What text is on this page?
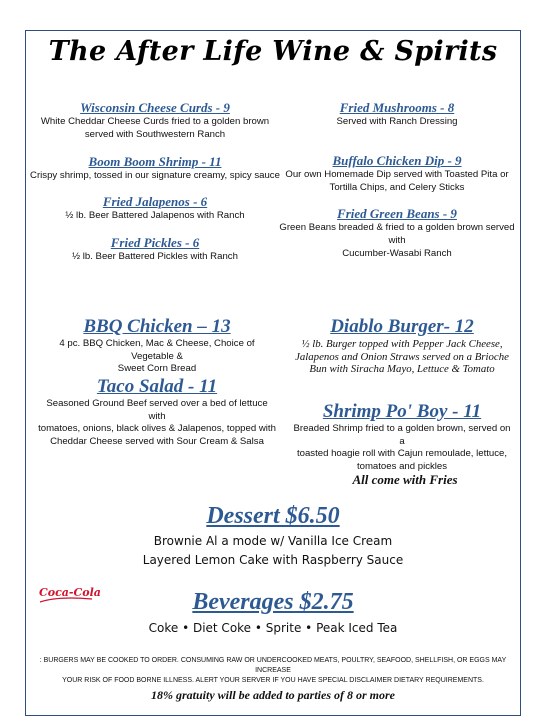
The After Life Wine & Spirits
Wisconsin Cheese Curds - 9
White Cheddar Cheese Curds fried to a golden brown
served with Southwestern Ranch
Boom Boom Shrimp - 11
Crispy shrimp, tossed in our signature creamy, spicy sauce
Fried Jalapenos - 6
½ lb. Beer Battered Jalapenos with Ranch
Fried Pickles - 6
½ lb. Beer Battered Pickles with Ranch
Fried Mushrooms - 8
Served with Ranch Dressing
Buffalo Chicken Dip - 9
Our own Homemade Dip served with Toasted Pita or
Tortilla Chips, and Celery Sticks
Fried Green Beans - 9
Green Beans breaded & fried to a golden brown served with
Cucumber-Wasabi Ranch
BBQ Chicken – 13
4 pc. BBQ Chicken, Mac & Cheese, Choice of Vegetable &
Sweet Corn Bread
Taco Salad - 11
Seasoned Ground Beef served over a bed of lettuce with
tomatoes, onions, black olives & Jalapenos, topped with
Cheddar Cheese served with Sour Cream & Salsa
Diablo Burger- 12
½ lb. Burger topped with Pepper Jack Cheese,
Jalapenos and Onion Straws served on a Brioche
Bun with Siracha Mayo, Lettuce & Tomato
Shrimp Po' Boy - 11
Breaded Shrimp fried to a golden brown, served on a
toasted hoagie roll with Cajun remoulade, lettuce,
tomatoes and pickles
All come with Fries
Dessert $6.50
Brownie Al a mode w/ Vanilla Ice Cream
Layered Lemon Cake with Raspberry Sauce
Coca-Cola	Beverages $2.75
Coke • Diet Coke • Sprite • Peak Iced Tea
: BURGERS MAY BE COOKED TO ORDER. CONSUMING RAW OR UNDERCOOKED MEATS, POULTRY, SEAFOOD, SHELLFISH, OR EGGS MAY INCREASE
YOUR RISK OF FOOD BORNE ILLNESS. ALERT YOUR SERVER IF YOU HAVE SPECIAL DISCLAIMER DIETARY REQUIREMENTS.
18% gratuity will be added to parties of 8 or more
